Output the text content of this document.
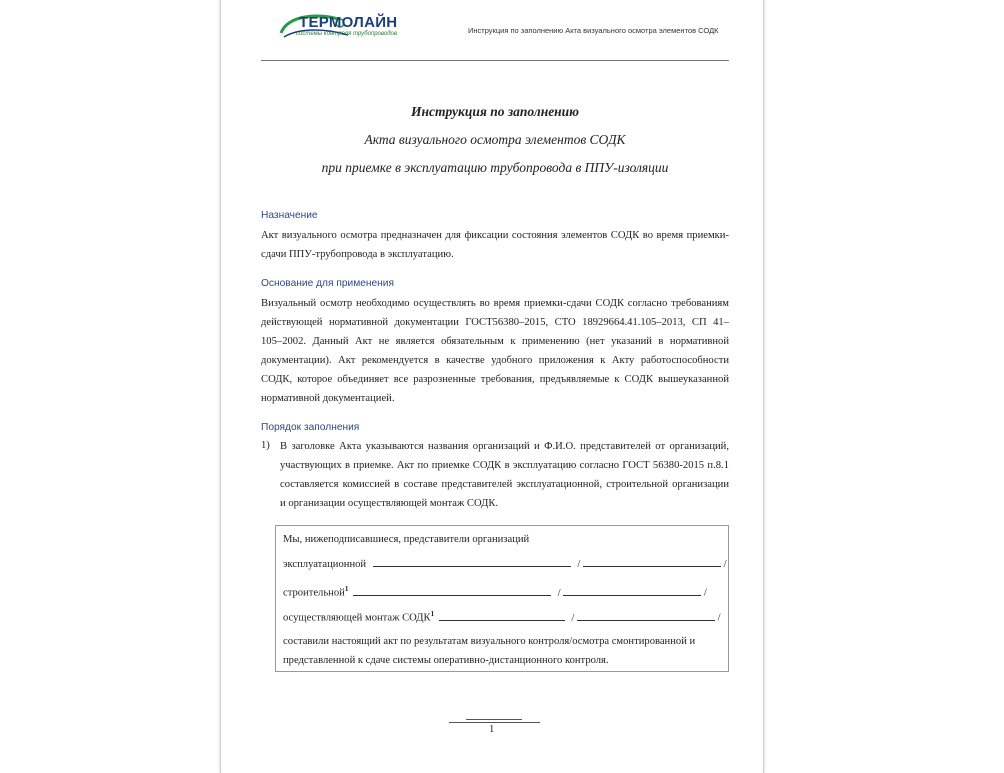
ТЕРМОЛАЙН
системы контроля трубопроводов	Инструкция по заполнению Акта визуального осмотра элементов СОДК
Инструкция по заполнению
Акта визуального осмотра элементов СОДК
при приемке в эксплуатацию трубопровода в ППУ-изоляции
Назначение
Акт визуального осмотра предназначен для фиксации состояния элементов СОДК во время приемки-
сдачи ППУ-трубопровода в эксплуатацию.
Основание для применения
Визуальный осмотр необходимо осуществлять во время приемки-сдачи СОДК согласно требованиям
действующей нормативной документации ГОСТ56380–2015, СТО 18929664.41.105–2013, СП 41–
105–2002. Данный Акт не является обязательным к применению (нет указаний в нормативной
документации). Акт рекомендуется в качестве удобного приложения к Акту работоспособности
СОДК, которое объединяет все разрозненные требования, предъявляемые к СОДК вышеуказанной
нормативной документацией.
Порядок заполнения
1) В заголовке Акта указываются названия организаций и Ф.И.О. представителей от организаций,
участвующих в приемке. Акт по приемке СОДК в эксплуатацию согласно ГОСТ 56380-2015 п.8.1
составляется комиссией в составе представителей эксплуатационной, строительной организации
и организации осуществляющей монтаж СОДК.
Мы, нижеподписавшиеся, представители организаций
эксплуатационной	/	/
строительной$^1$	/	/
осуществляющей монтаж СОДК$^1$	/	/
составили настоящий акт по результатам визуального контроля/осмотра смонтированной и
представленной к сдаче системы оперативно-дистанционного контроля.
1
